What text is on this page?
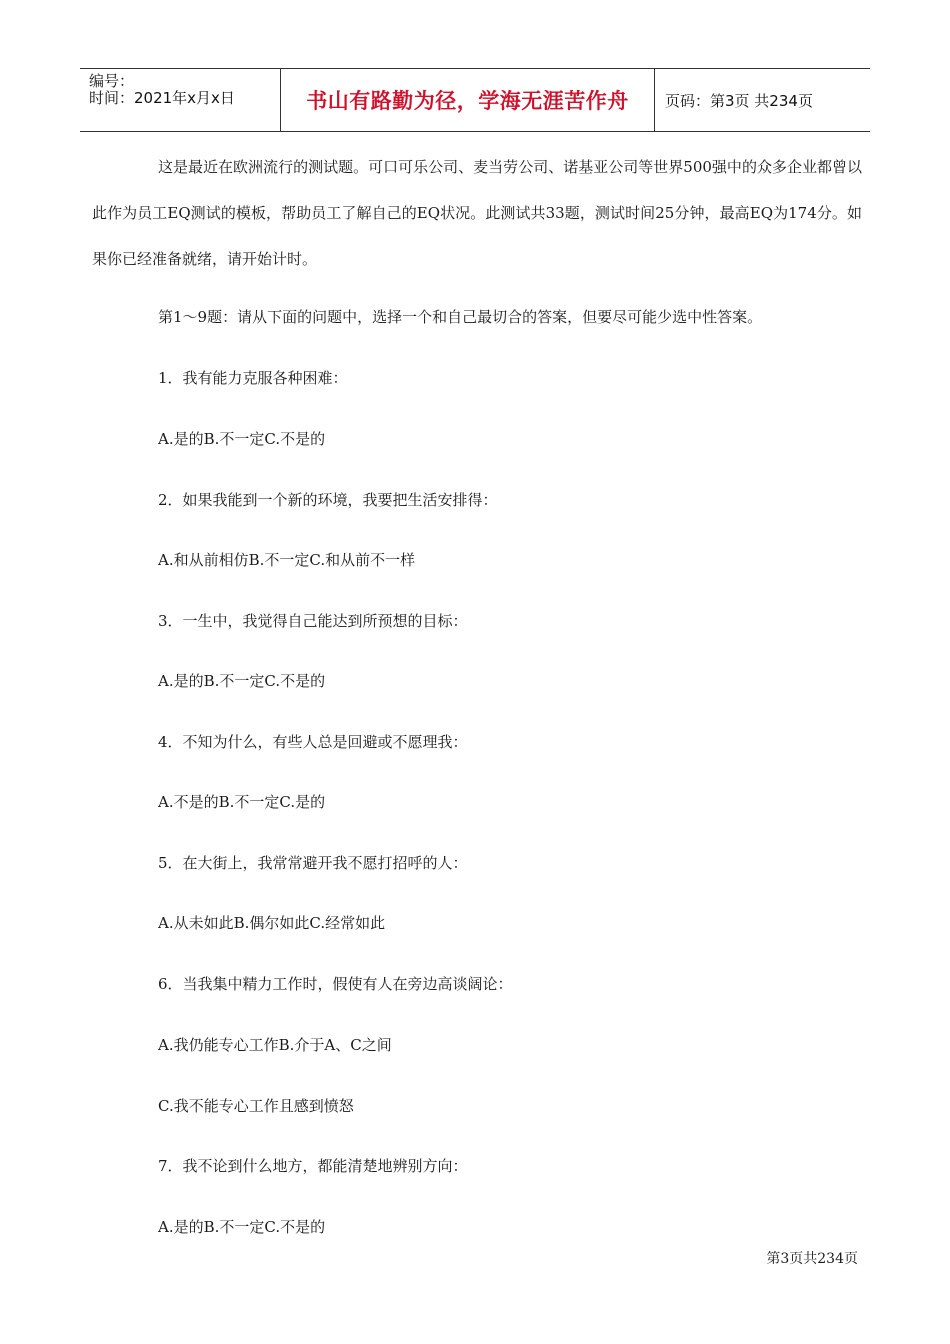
编号：
时间：2021年x月x日	书山有路勤为径，学海无涯苦作舟	页码：第3页 共234页

这是最近在欧洲流行的测试题。可口可乐公司、麦当劳公司、诺基亚公司等世界500强中的众多企业都曾以此作为员工EQ测试的模板，帮助员工了解自己的EQ状况。此测试共33题，测试时间25分钟，最高EQ为174分。如果你已经准备就绪，请开始计时。

第1～9题：请从下面的问题中，选择一个和自己最切合的答案，但要尽可能少选中性答案。

1．我有能力克服各种困难：

A.是的B.不一定C.不是的

2．如果我能到一个新的环境，我要把生活安排得：

A.和从前相仿B.不一定C.和从前不一样

3．一生中，我觉得自己能达到所预想的目标：

A.是的B.不一定C.不是的

4．不知为什么，有些人总是回避或不愿理我：

A.不是的B.不一定C.是的

5．在大街上，我常常避开我不愿打招呼的人：

A.从未如此B.偶尔如此C.经常如此

6．当我集中精力工作时，假使有人在旁边高谈阔论：

A.我仍能专心工作B.介于A、C之间

C.我不能专心工作且感到愤怒

7．我不论到什么地方，都能清楚地辨别方向：

A.是的B.不一定C.不是的

第3页共234页
